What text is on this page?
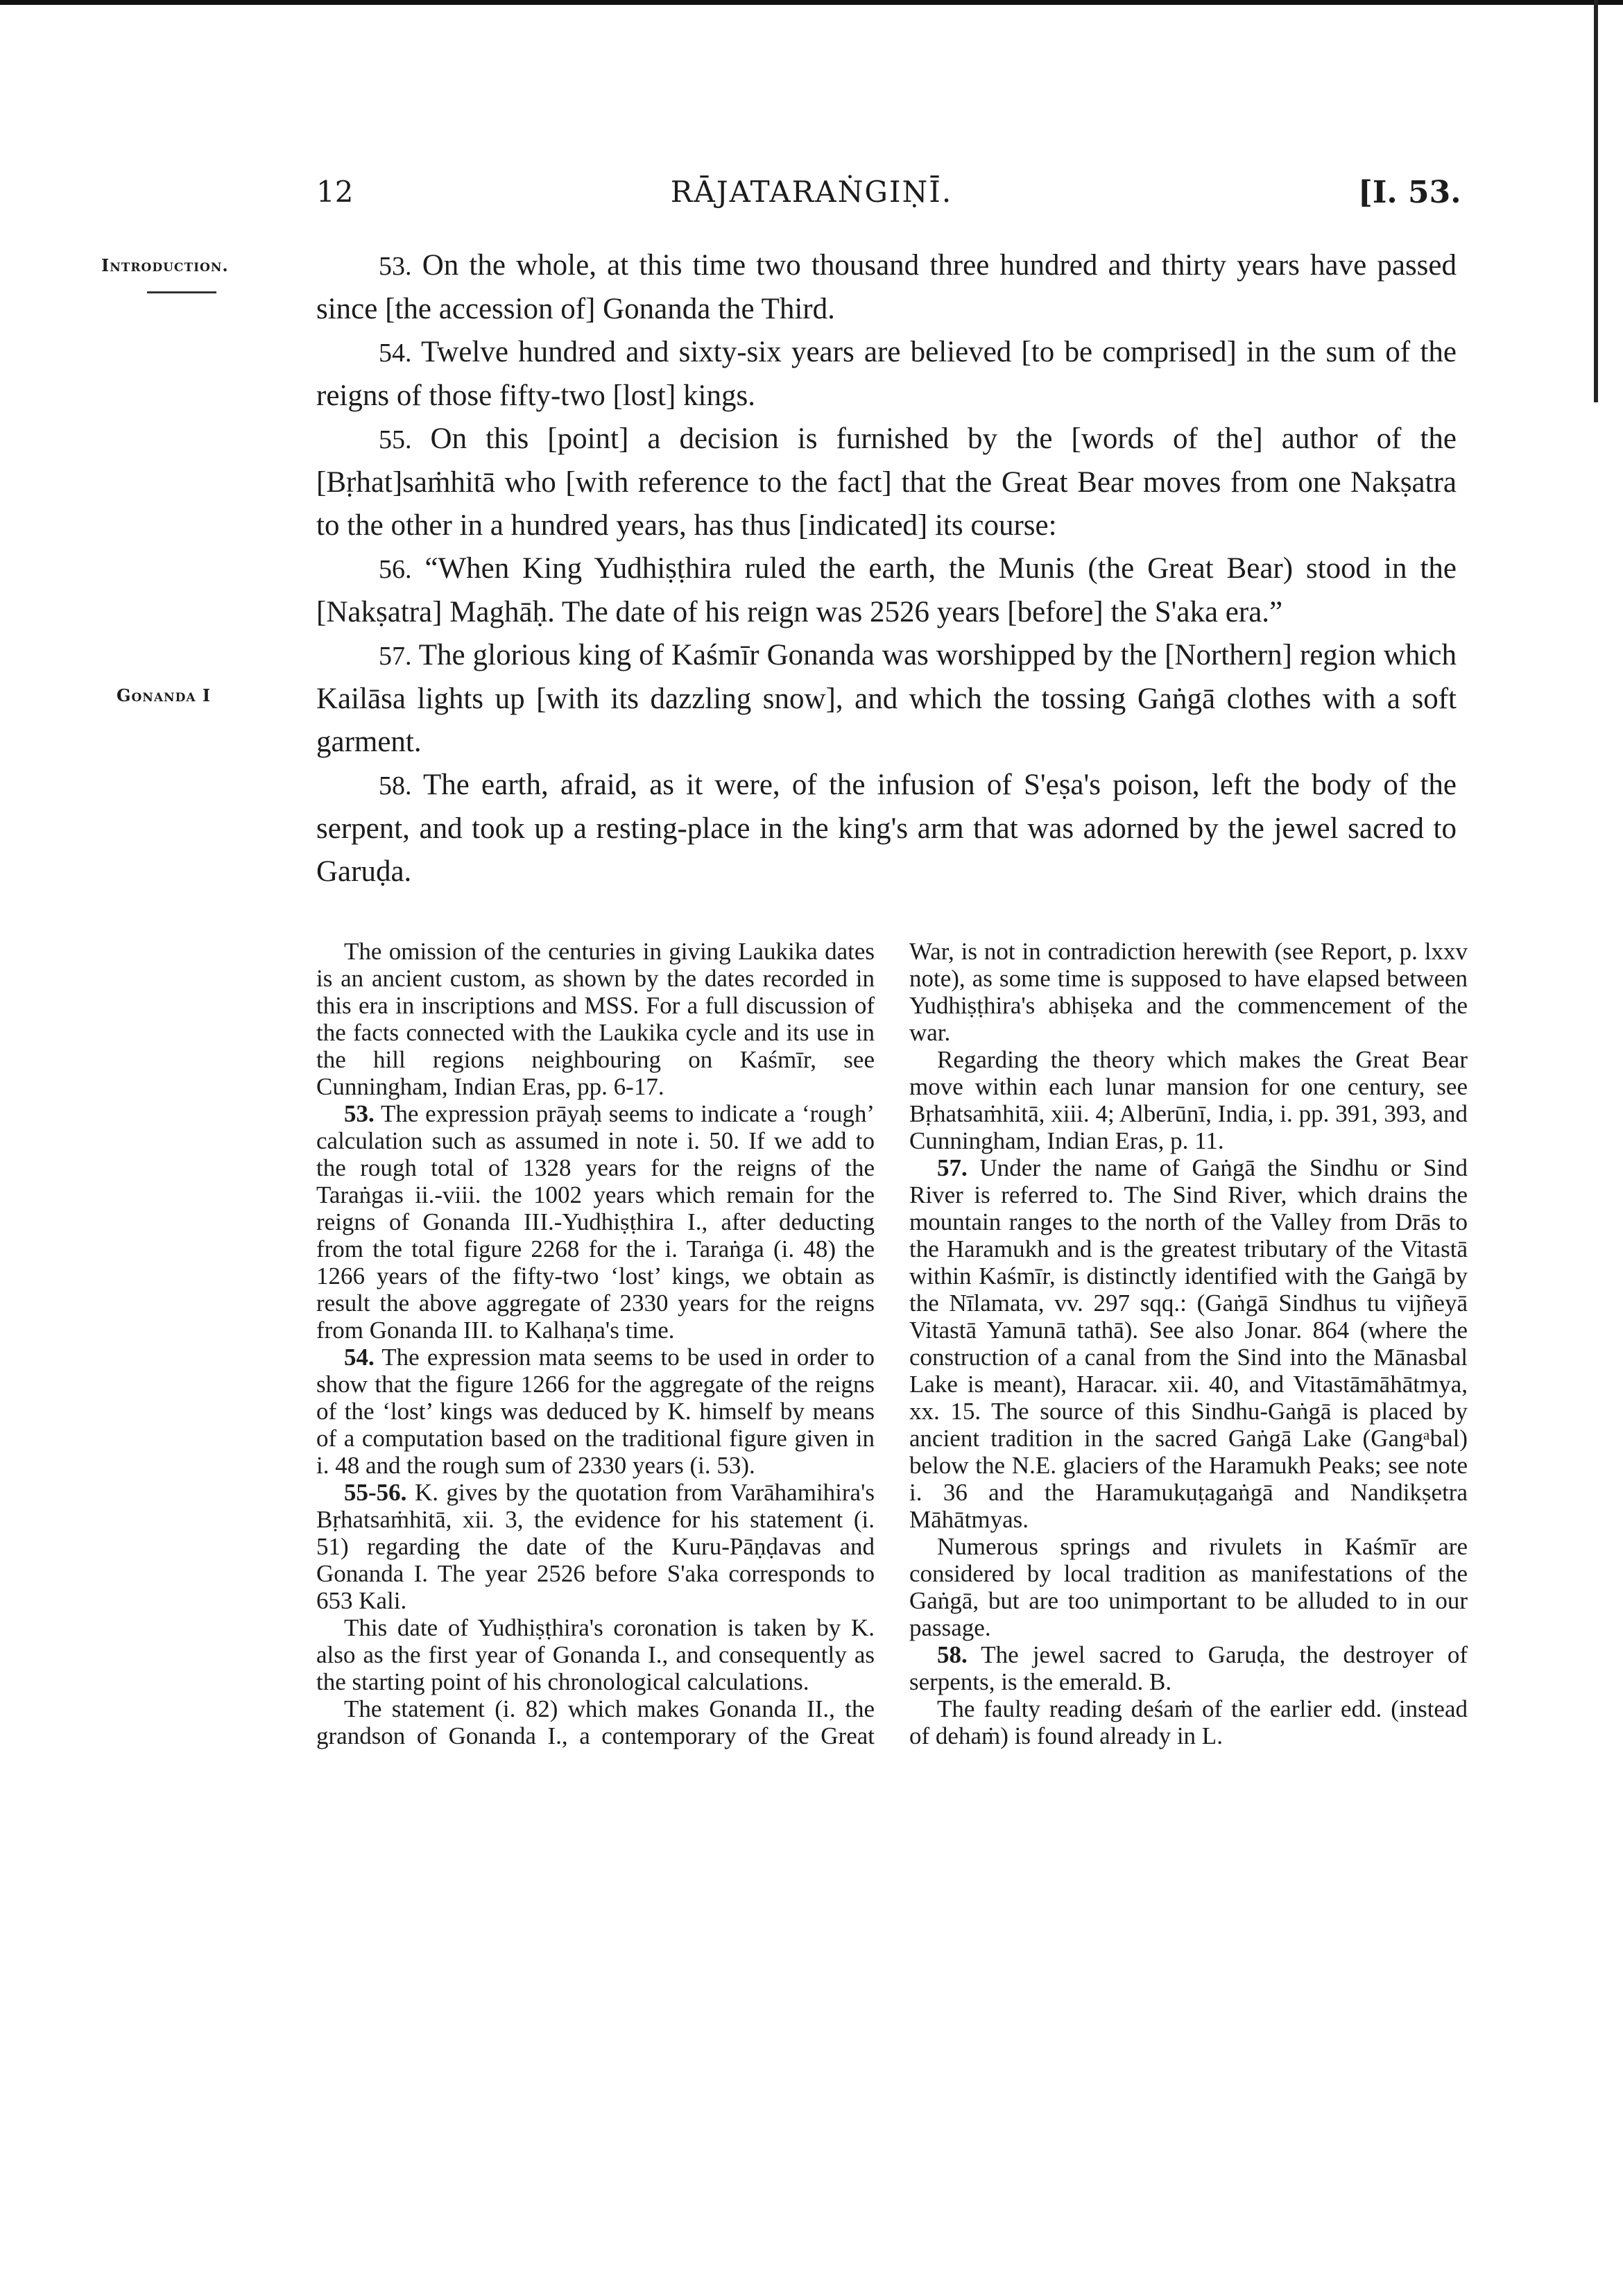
12	RĀJATARAṄGIṆĪ.	[I. 53.
Introduction.
Gonanda I

53. On the whole, at this time two thousand three hundred and thirty years have passed since [the accession of] Gonanda the Third.

54. Twelve hundred and sixty-six years are believed [to be comprised] in the sum of the reigns of those fifty-two [lost] kings.

55. On this [point] a decision is furnished by the [words of the] author of the [Bṛhat]saṁhitā who [with reference to the fact] that the Great Bear moves from one Nakṣatra to the other in a hundred years, has thus [indicated] its course:

56. “When King Yudhiṣṭhira ruled the earth, the Munis (the Great Bear) stood in the [Nakṣatra] Maghāḥ. The date of his reign was 2526 years [before] the S'aka era.”

57. The glorious king of Kaśmīr Gonanda was worshipped by the [Northern] region which Kailāsa lights up [with its dazzling snow], and which the tossing Gaṅgā clothes with a soft garment.

58. The earth, afraid, as it were, of the infusion of S'eṣa's poison, left the body of the serpent, and took up a resting-place in the king's arm that was adorned by the jewel sacred to Garuḍa.

The omission of the centuries in giving Laukika dates is an ancient custom, as shown by the dates recorded in this era in inscriptions and MSS. For a full discussion of the facts connected with the Laukika cycle and its use in the hill regions neighbouring on Kaśmīr, see Cunningham, Indian Eras, pp. 6-17.

53. The expression prāyaḥ seems to indicate a ‘rough’ calculation such as assumed in note i. 50. If we add to the rough total of 1328 years for the reigns of the Taraṅgas ii.-viii. the 1002 years which remain for the reigns of Gonanda III.-Yudhiṣṭhira I., after deducting from the total figure 2268 for the i. Taraṅga (i. 48) the 1266 years of the fifty-two ‘lost’ kings, we obtain as result the above aggregate of 2330 years for the reigns from Gonanda III. to Kalhaṇa's time.

54. The expression mata seems to be used in order to show that the figure 1266 for the aggregate of the reigns of the ‘lost’ kings was deduced by K. himself by means of a computation based on the traditional figure given in i. 48 and the rough sum of 2330 years (i. 53).

55-56. K. gives by the quotation from Varāhamihira's Bṛhatsaṁhitā, xii. 3, the evidence for his statement (i. 51) regarding the date of the Kuru-Pāṇḍavas and Gonanda I. The year 2526 before S'aka corresponds to 653 Kali.

This date of Yudhiṣṭhira's coronation is taken by K. also as the first year of Gonanda I., and consequently as the starting point of his chronological calculations.

The statement (i. 82) which makes Gonanda II., the grandson of Gonanda I., a contemporary of the Great War, is not in contradiction herewith (see Report, p. lxxv note), as some time is supposed to have elapsed between Yudhiṣṭhira's abhiṣeka and the commencement of the war.

Regarding the theory which makes the Great Bear move within each lunar mansion for one century, see Bṛhatsaṁhitā, xiii. 4; Alberūnī, India, i. pp. 391, 393, and Cunningham, Indian Eras, p. 11.

57. Under the name of Gaṅgā the Sindhu or Sind River is referred to. The Sind River, which drains the mountain ranges to the north of the Valley from Drās to the Haramukh and is the greatest tributary of the Vitastā within Kaśmīr, is distinctly identified with the Gaṅgā by the Nīlamata, vv. 297 sqq.: (Gaṅgā Sindhus tu vijñeyā Vitastā Yamunā tathā). See also Jonar. 864 (where the construction of a canal from the Sind into the Mānasbal Lake is meant), Haracar. xii. 40, and Vitastāmāhātmya, xx. 15. The source of this Sindhu-Gaṅgā is placed by ancient tradition in the sacred Gaṅgā Lake (Gangᵃbal) below the N.E. glaciers of the Haramukh Peaks; see note i. 36 and the Haramukuṭagaṅgā and Nandikṣetra Māhātmyas.

Numerous springs and rivulets in Kaśmīr are considered by local tradition as manifestations of the Gaṅgā, but are too unimportant to be alluded to in our passage.

58. The jewel sacred to Garuḍa, the destroyer of serpents, is the emerald. B.

The faulty reading deśaṁ of the earlier edd. (instead of dehaṁ) is found already in L.
